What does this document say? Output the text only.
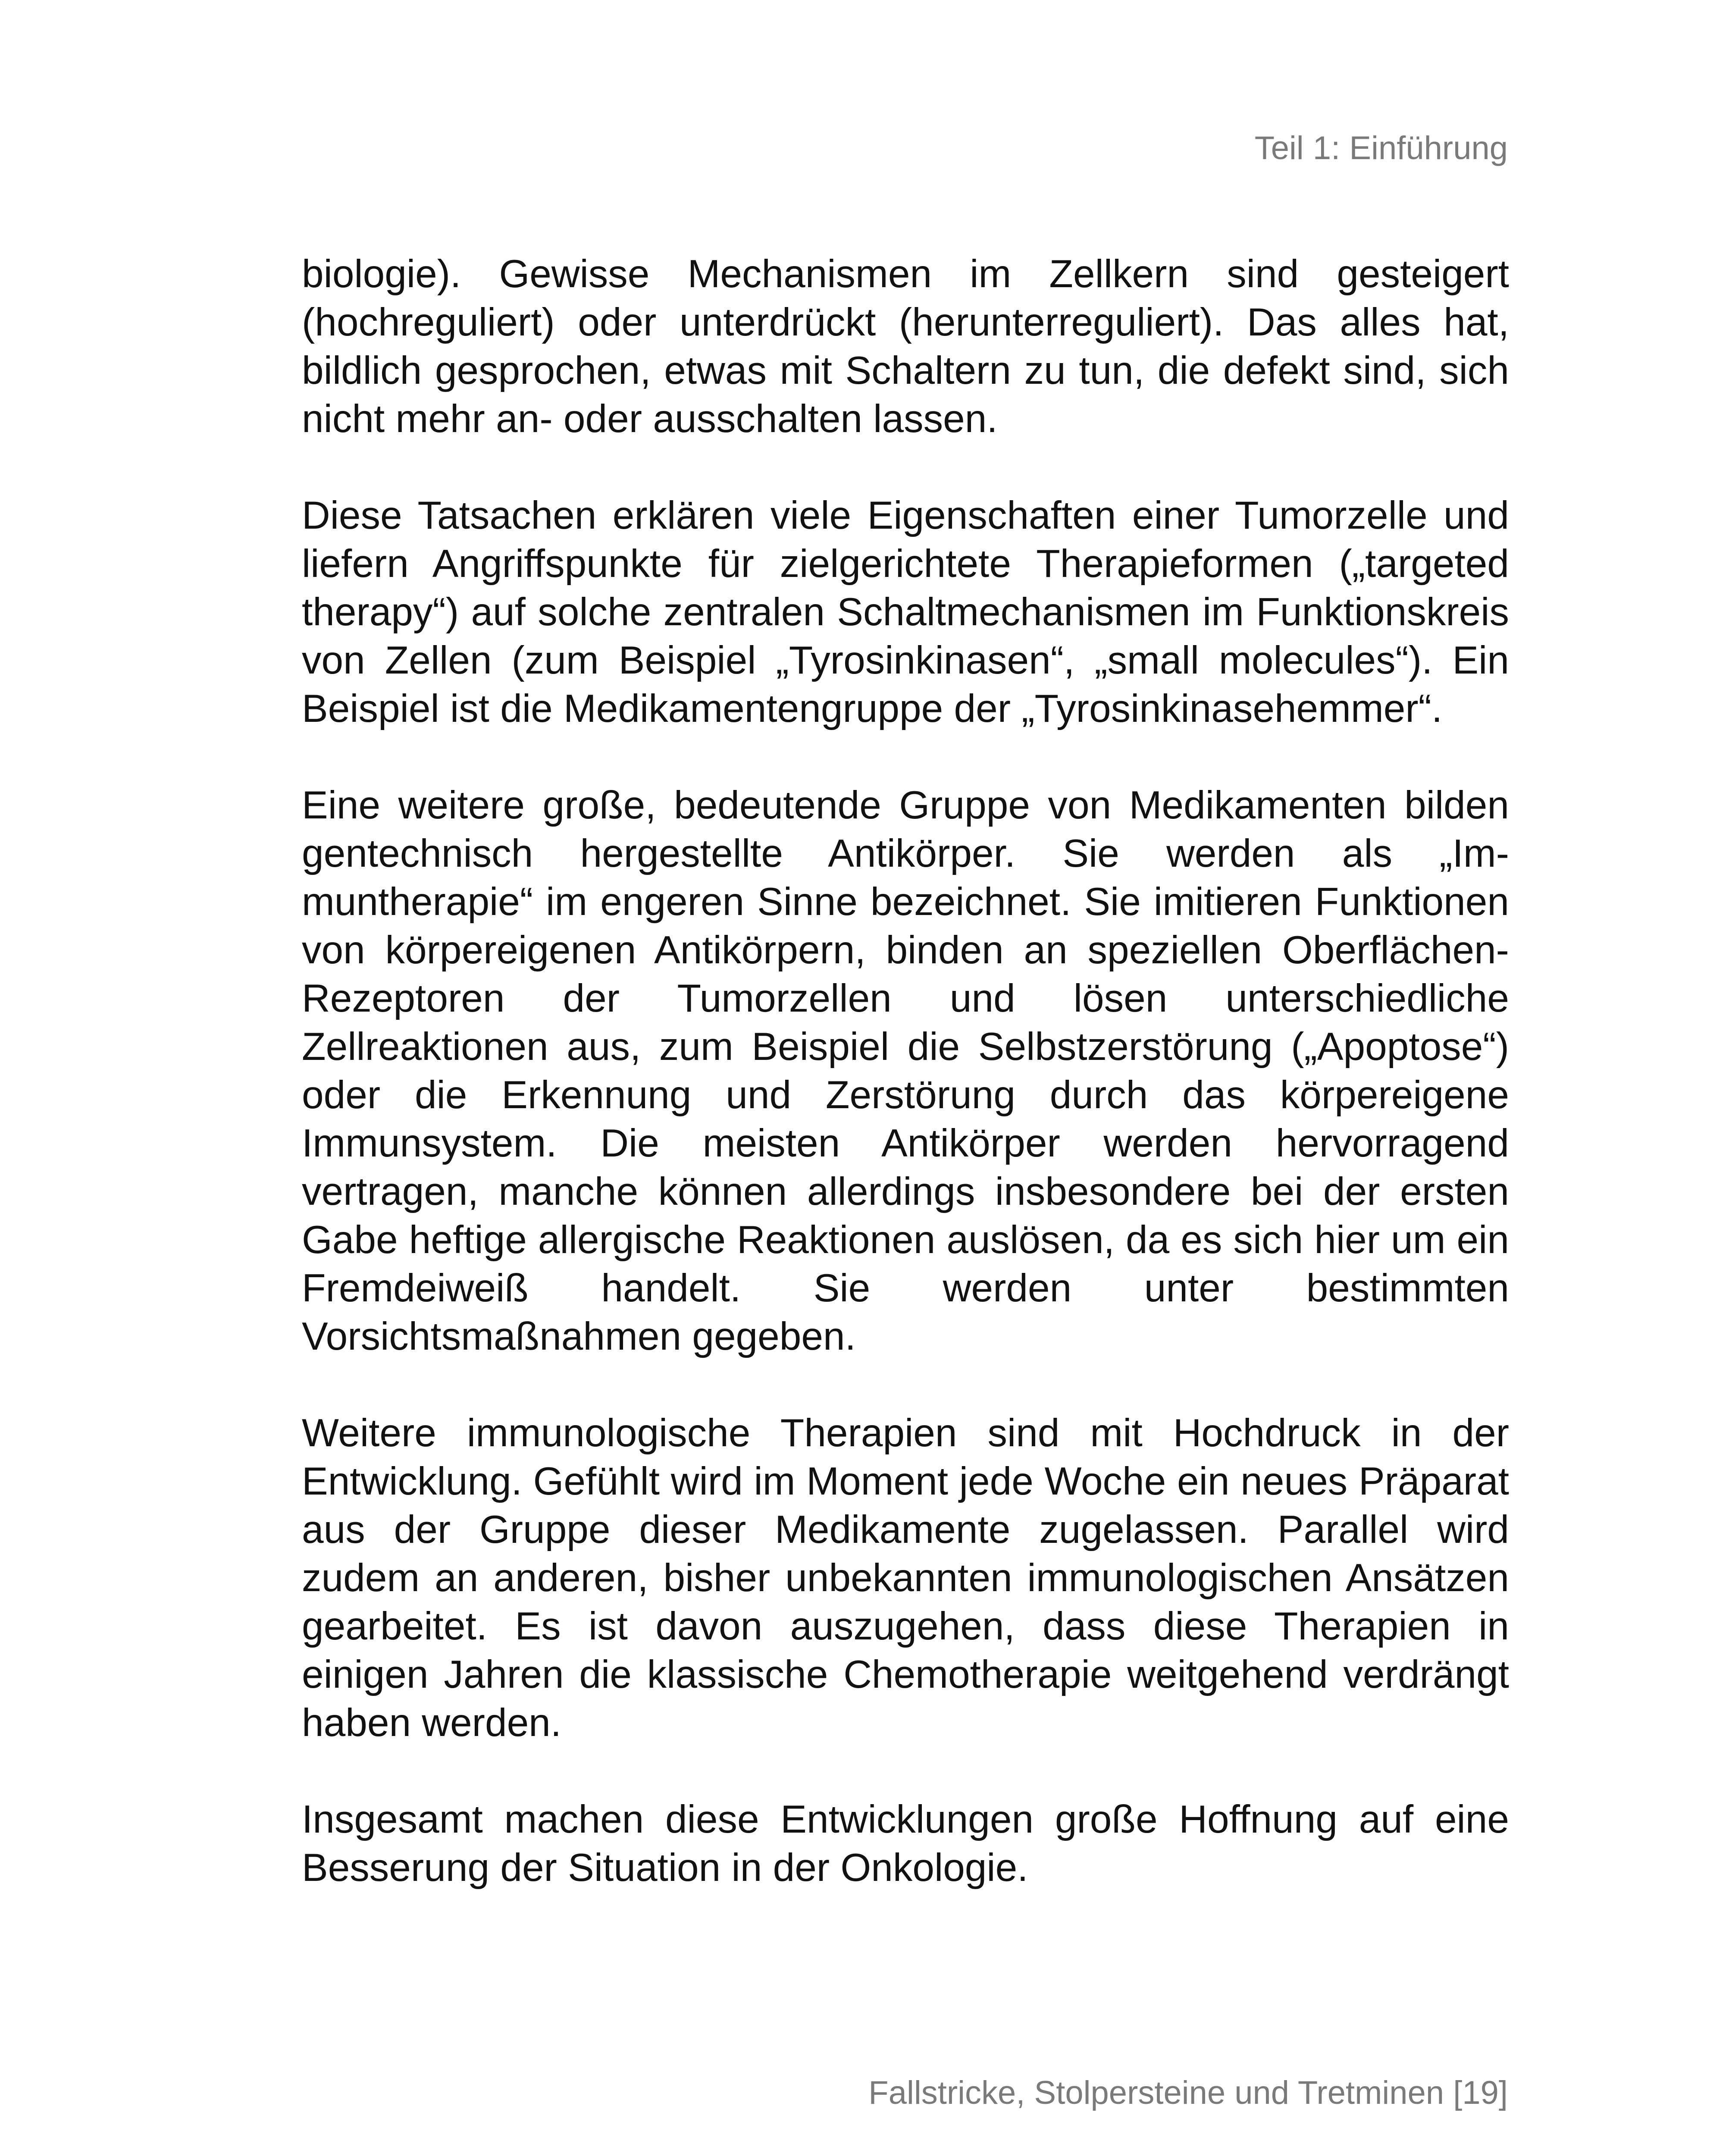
Teil 1: Einführung

biologie). Gewisse Mechanismen im Zellkern sind gesteigert (hochreguliert) oder unterdrückt (herunterreguliert). Das alles hat, bildlich gesprochen, etwas mit Schaltern zu tun, die defekt sind, sich nicht mehr an- oder ausschalten lassen.

Diese Tatsachen erklären viele Eigenschaften einer Tumorzelle und liefern Angriffspunkte für zielgerichtete Therapieformen („targeted therapy“) auf solche zentralen Schaltmechanismen im Funktionskreis von Zellen (zum Beispiel „Tyrosinkinasen“, „small molecules“). Ein Beispiel ist die Medikamentengruppe der „Tyrosinkinasehemmer“.

Eine weitere große, bedeutende Gruppe von Medikamenten bilden gentechnisch hergestellte Antikörper. Sie werden als „Immuntherapie“ im engeren Sinne bezeichnet. Sie imitieren Funktionen von körpereigenen Antikörpern, binden an speziellen Oberflächen-Rezeptoren der Tumorzellen und lösen unterschiedliche Zellreaktionen aus, zum Beispiel die Selbstzerstörung („Apoptose“) oder die Erkennung und Zerstörung durch das körpereigene Immunsystem. Die meisten Antikörper werden hervorragend vertragen, manche können allerdings insbesondere bei der ersten Gabe heftige allergische Reaktionen auslösen, da es sich hier um ein Fremdeiweiß handelt. Sie werden unter bestimmten Vorsichtsmaßnahmen gegeben.

Weitere immunologische Therapien sind mit Hochdruck in der Entwicklung. Gefühlt wird im Moment jede Woche ein neues Präparat aus der Gruppe dieser Medikamente zugelassen. Parallel wird zudem an anderen, bisher unbekannten immunologischen Ansätzen gearbeitet. Es ist davon auszugehen, dass diese Therapien in einigen Jahren die klassische Chemotherapie weitgehend verdrängt haben werden.

Insgesamt machen diese Entwicklungen große Hoffnung auf eine Besserung der Situation in der Onkologie.

Fallstricke, Stolpersteine und Tretminen [19]
